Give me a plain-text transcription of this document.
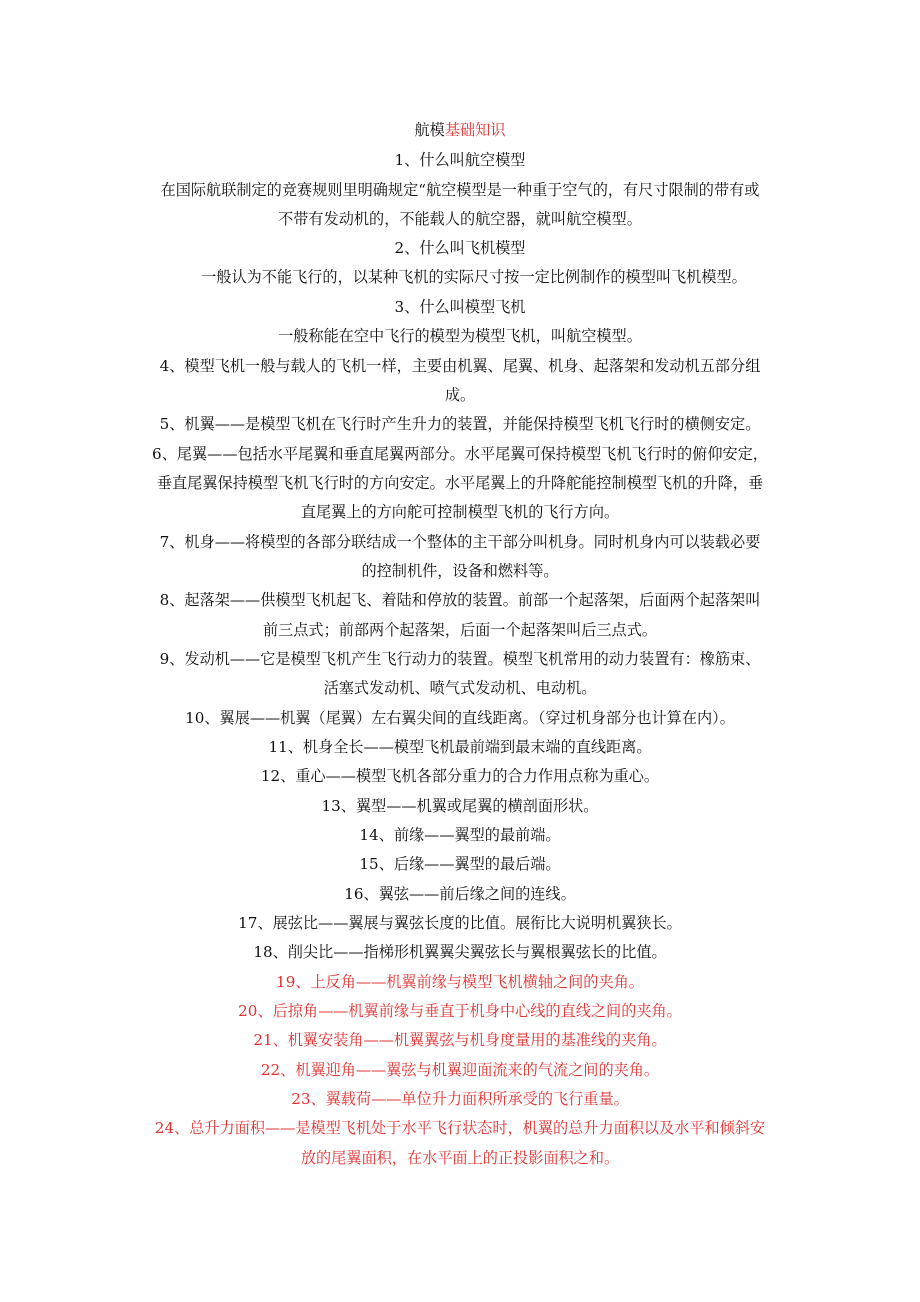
航模基础知识
1、什么叫航空模型
在国际航联制定的竞赛规则里明确规定“航空模型是一种重于空气的，有尺寸限制的带有或
不带有发动机的，不能载人的航空器，就叫航空模型。
2、什么叫飞机模型
一般认为不能飞行的，以某种飞机的实际尺寸按一定比例制作的模型叫飞机模型。
3、什么叫模型飞机
一般称能在空中飞行的模型为模型飞机，叫航空模型。
4、模型飞机一般与载人的飞机一样，主要由机翼、尾翼、机身、起落架和发动机五部分组
成。
5、机翼——是模型飞机在飞行时产生升力的装置，并能保持模型飞机飞行时的横侧安定。
6、尾翼——包括水平尾翼和垂直尾翼两部分。水平尾翼可保持模型飞机飞行时的俯仰安定，
垂直尾翼保持模型飞机飞行时的方向安定。水平尾翼上的升降舵能控制模型飞机的升降，垂
直尾翼上的方向舵可控制模型飞机的飞行方向。
7、机身——将模型的各部分联结成一个整体的主干部分叫机身。同时机身内可以装载必要
的控制机件，设备和燃料等。
8、起落架——供模型飞机起飞、着陆和停放的装置。前部一个起落架，后面两个起落架叫
前三点式；前部两个起落架，后面一个起落架叫后三点式。
9、发动机——它是模型飞机产生飞行动力的装置。模型飞机常用的动力装置有：橡筋束、
活塞式发动机、喷气式发动机、电动机。
10、翼展——机翼（尾翼）左右翼尖间的直线距离。（穿过机身部分也计算在内）。
11、机身全长——模型飞机最前端到最末端的直线距离。
12、重心——模型飞机各部分重力的合力作用点称为重心。
13、翼型——机翼或尾翼的横剖面形状。
14、前缘——翼型的最前端。
15、后缘——翼型的最后端。
16、翼弦——前后缘之间的连线。
17、展弦比——翼展与翼弦长度的比值。展衔比大说明机翼狭长。
18、削尖比——指梯形机翼翼尖翼弦长与翼根翼弦长的比值。
19、上反角——机翼前缘与模型飞机横轴之间的夹角。
20、后掠角——机翼前缘与垂直于机身中心线的直线之间的夹角。
21、机翼安装角——机翼翼弦与机身度量用的基准线的夹角。
22、机翼迎角——翼弦与机翼迎面流来的气流之间的夹角。
23、翼载荷——单位升力面积所承受的飞行重量。
24、总升力面积——是模型飞机处于水平飞行状态时，机翼的总升力面积以及水平和倾斜安
放的尾翼面积，在水平面上的正投影面积之和。
